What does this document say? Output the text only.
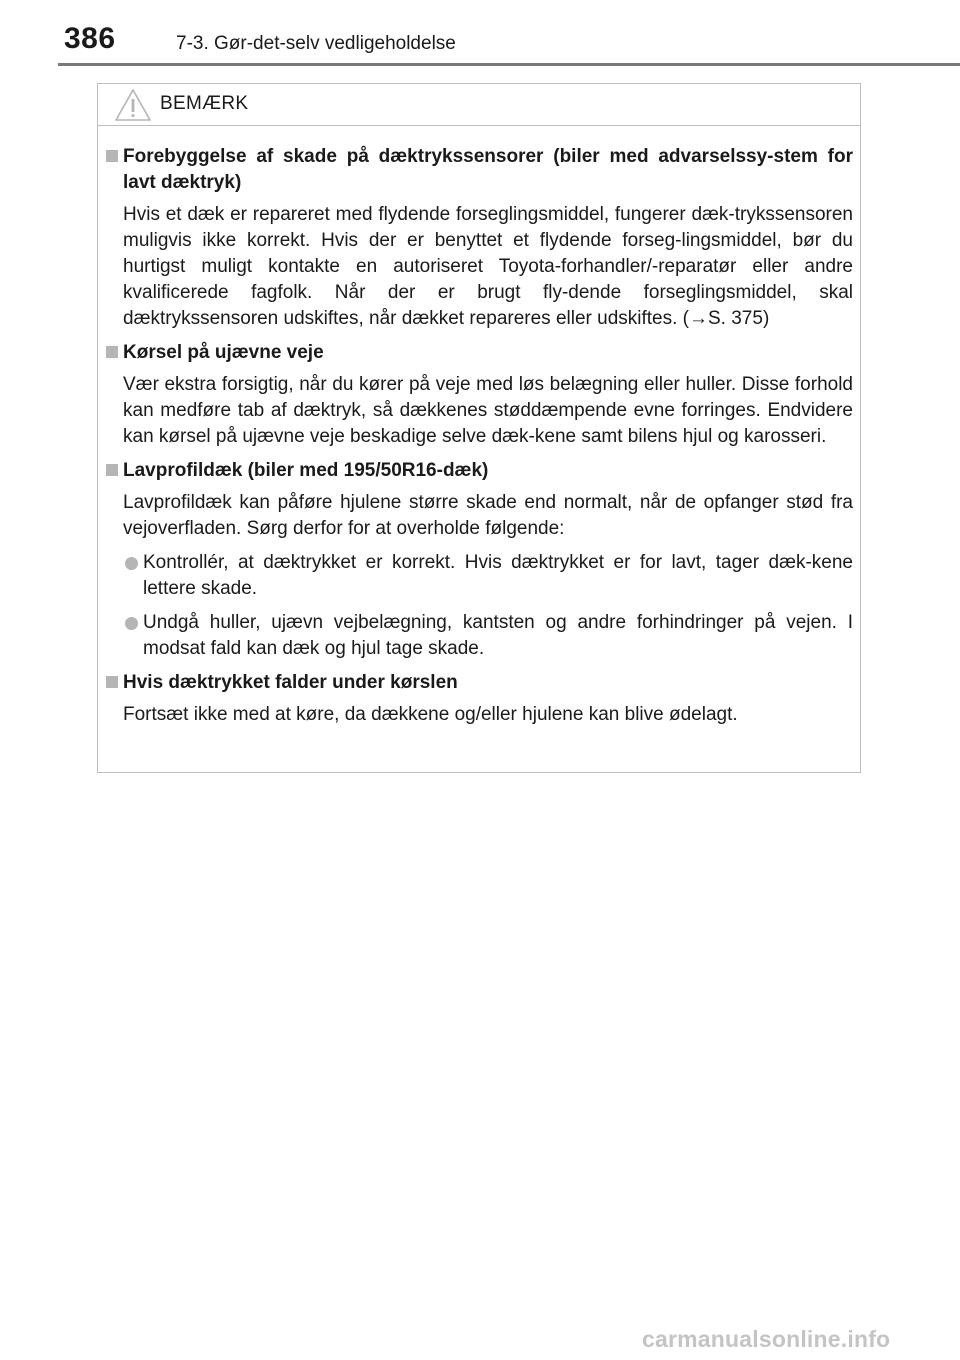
386	7-3. Gør-det-selv vedligeholdelse
BEMÆRK
Forebyggelse af skade på dæktrykssensorer (biler med advarselssy-stem for lavt dæktryk)
Hvis et dæk er repareret med flydende forseglingsmiddel, fungerer dæk-trykssensoren muligvis ikke korrekt. Hvis der er benyttet et flydende forseg-lingsmiddel, bør du hurtigst muligt kontakte en autoriseret Toyota-forhandler/-reparatør eller andre kvalificerede fagfolk. Når der er brugt fly-dende forseglingsmiddel, skal dæktrykssensoren udskiftes, når dækket repareres eller udskiftes. (→S. 375)
Kørsel på ujævne veje
Vær ekstra forsigtig, når du kører på veje med løs belægning eller huller. Disse forhold kan medføre tab af dæktryk, så dækkenes støddæmpende evne forringes. Endvidere kan kørsel på ujævne veje beskadige selve dæk-kene samt bilens hjul og karosseri.
Lavprofildæk (biler med 195/50R16-dæk)
Lavprofildæk kan påføre hjulene større skade end normalt, når de opfanger stød fra vejoverfladen. Sørg derfor for at overholde følgende:
Kontrollér, at dæktrykket er korrekt. Hvis dæktrykket er for lavt, tager dæk-kene lettere skade.
Undgå huller, ujævn vejbelægning, kantsten og andre forhindringer på vejen. I modsat fald kan dæk og hjul tage skade.
Hvis dæktrykket falder under kørslen
Fortsæt ikke med at køre, da dækkene og/eller hjulene kan blive ødelagt.
carmanualsonline.info
